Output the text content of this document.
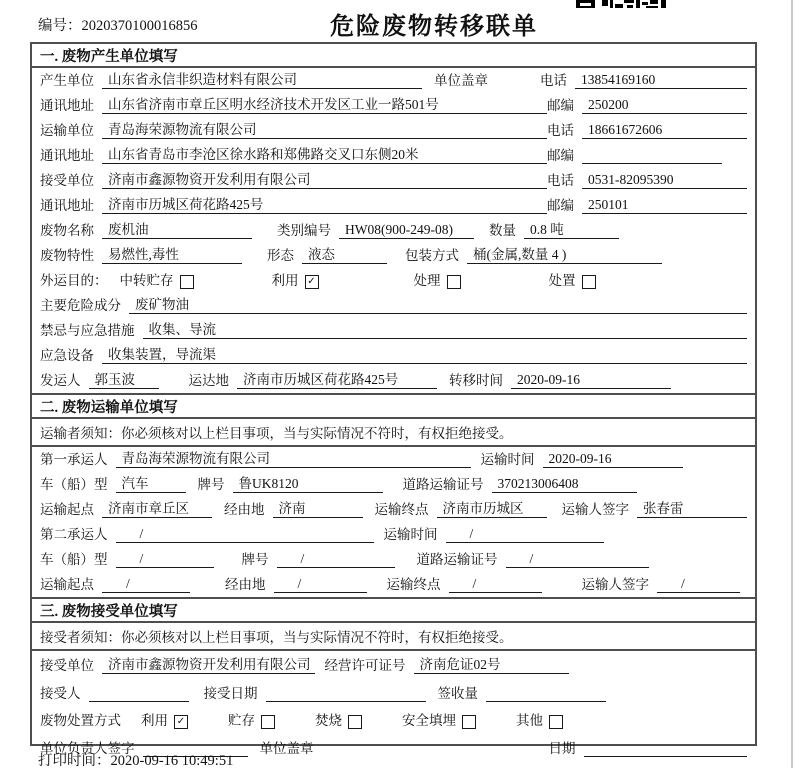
编号：2020370100016856	危险废物转移联单
一. 废物产生单位填写
产生单位	山东省永信非织造材料有限公司	单位盖章	电话	13854169160
通讯地址	山东省济南市章丘区明水经济技术开发区工业一路501号	邮编	250200
运输单位	青岛海荣源物流有限公司	电话	18661672606
通讯地址	山东省青岛市李沧区徐水路和郑佛路交叉口东侧20米	邮编
接受单位	济南市鑫源物资开发利用有限公司	电话	0531-82095390
通讯地址	济南市历城区荷花路425号	邮编	250101
废物名称	废机油	类别编号	HW08(900-249-08)	数量	0.8 吨
废物特性	易燃性,毒性	形态	液态	包装方式	桶(金属,数量 4 )
外运目的： 中转贮存	利用 ✓	处理	处置
主要危险成分	废矿物油
禁忌与应急措施	收集、导流
应急设备	收集装置，导流渠
发运人	郭玉波	运达地	济南市历城区荷花路425号	转移时间	2020-09-16
二. 废物运输单位填写
运输者须知：你必须核对以上栏目事项，当与实际情况不符时，有权拒绝接受。
第一承运人	青岛海荣源物流有限公司	运输时间	2020-09-16
车（船）型	汽车	牌号	鲁UK8120	道路运输证号	370213006408
运输起点	济南市章丘区	经由地	济南	运输终点	济南市历城区	运输人签字	张春雷
第二承运人	/	运输时间	/
车（船）型	/	牌号	/	道路运输证号	/
运输起点	/	经由地	/	运输终点	/	运输人签字	/
三. 废物接受单位填写
接受者须知：你必须核对以上栏目事项，当与实际情况不符时，有权拒绝接受。
接受单位	济南市鑫源物资开发利用有限公司 经营许可证号	济南危证02号
接受人	接受日期	签收量
废物处置方式 利用 ✓	贮存	焚烧	安全填埋	其他
单位负责人签字	单位盖章	日期
打印时间：2020-09-16 10:49:51
